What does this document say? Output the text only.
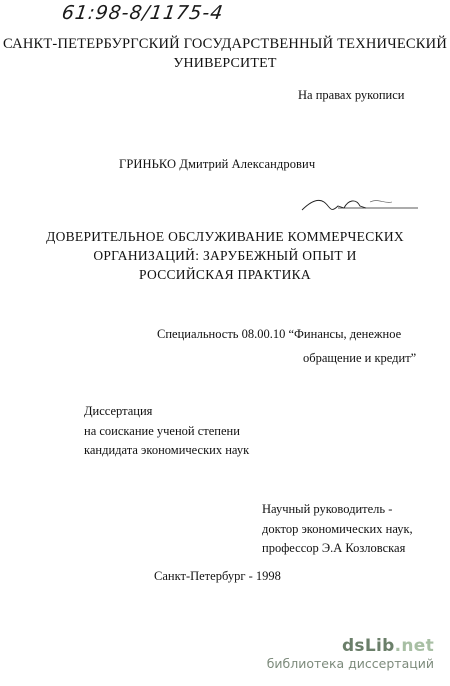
61:98-8/1175-4
САНКТ-ПЕТЕРБУРГСКИЙ ГОСУДАРСТВЕННЫЙ ТЕХНИЧЕСКИЙ
УНИВЕРСИТЕТ
На правах рукописи
ГРИНЬКО Дмитрий Александрович
ДОВЕРИТЕЛЬНОЕ ОБСЛУЖИВАНИЕ КОММЕРЧЕСКИХ
ОРГАНИЗАЦИЙ: ЗАРУБЕЖНЫЙ ОПЫТ И
РОССИЙСКАЯ ПРАКТИКА
Специальность 08.00.10 “Финансы, денежное
обращение и кредит”
Диссертация
на соискание ученой степени
кандидата экономических наук
Научный руководитель -
доктор экономических наук,
профессор Э.А Козловская
Санкт-Петербург - 1998
dsLib.net
библиотека диссертаций
